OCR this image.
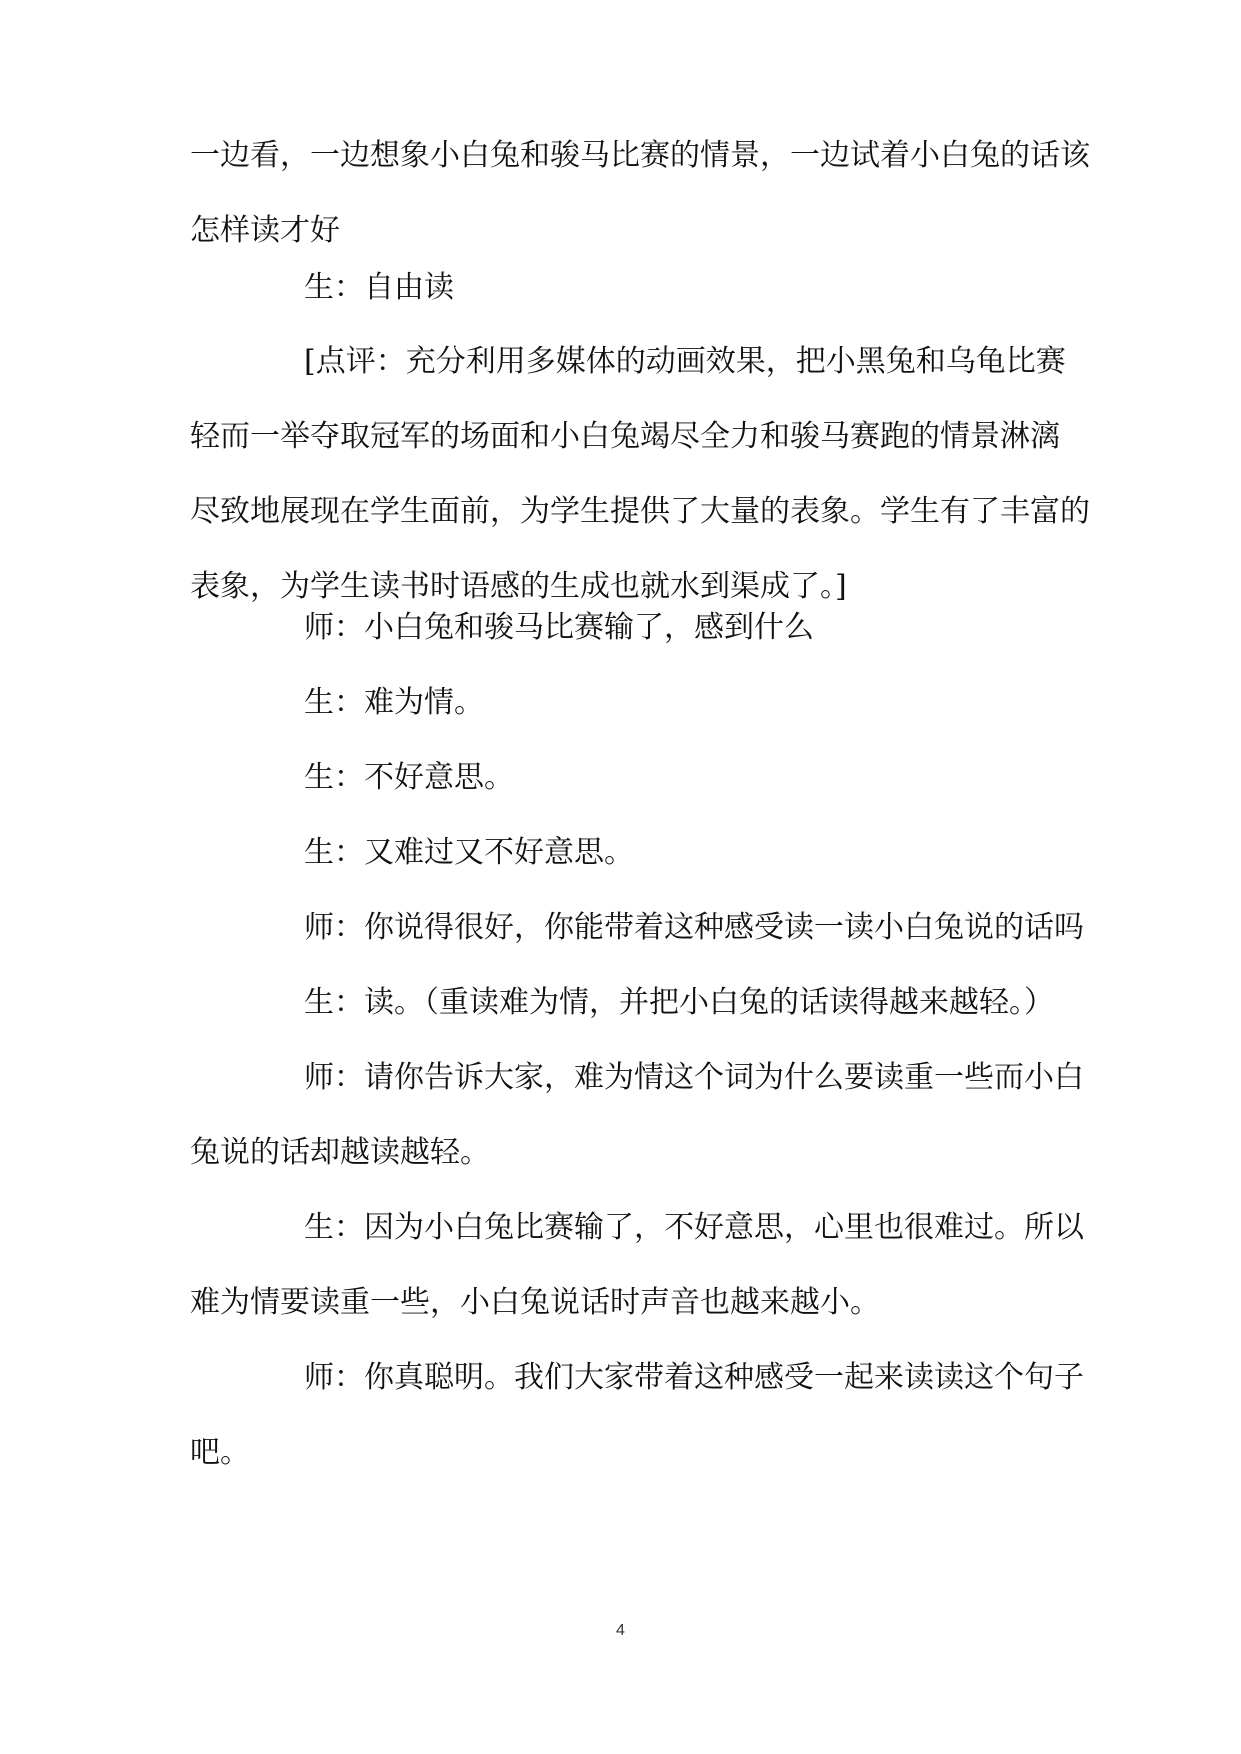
一边看，一边想象小白兔和骏马比赛的情景，一边试着小白兔的话该
怎样读才好
生：自由读
[点评：充分利用多媒体的动画效果，把小黑兔和乌龟比赛
轻而一举夺取冠军的场面和小白兔竭尽全力和骏马赛跑的情景淋漓
尽致地展现在学生面前，为学生提供了大量的表象。学生有了丰富的
表象，为学生读书时语感的生成也就水到渠成了。]
师：小白兔和骏马比赛输了，感到什么
生：难为情。
生：不好意思。
生：又难过又不好意思。
师：你说得很好，你能带着这种感受读一读小白兔说的话吗
生：读。（重读难为情，并把小白兔的话读得越来越轻。）
师：请你告诉大家，难为情这个词为什么要读重一些而小白
兔说的话却越读越轻。
生：因为小白兔比赛输了，不好意思，心里也很难过。所以
难为情要读重一些，小白兔说话时声音也越来越小。
师：你真聪明。我们大家带着这种感受一起来读读这个句子
吧。
4
